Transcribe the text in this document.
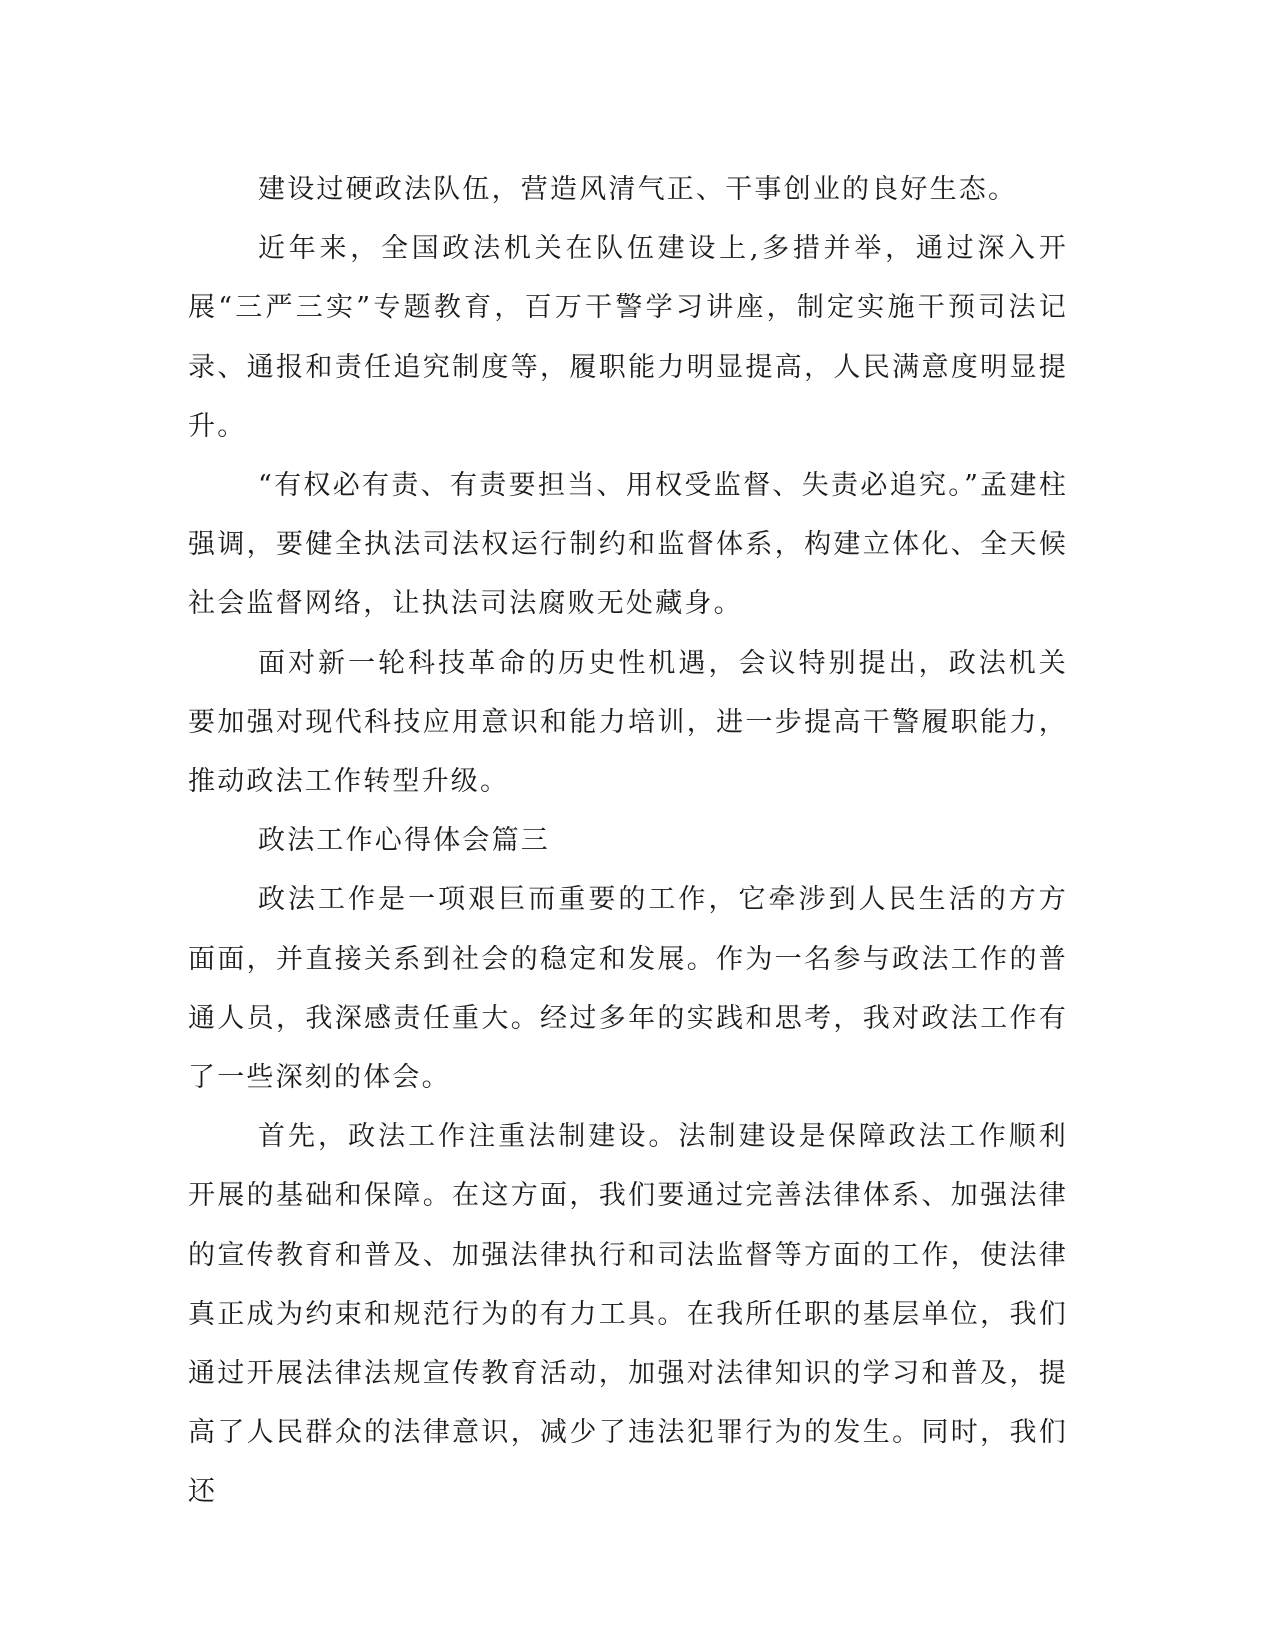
建设过硬政法队伍，营造风清气正、干事创业的良好生态。

近年来，全国政法机关在队伍建设上,多措并举，通过深入开展“三严三实”专题教育，百万干警学习讲座，制定实施干预司法记录、通报和责任追究制度等，履职能力明显提高，人民满意度明显提升。

“有权必有责、有责要担当、用权受监督、失责必追究。”孟建柱强调，要健全执法司法权运行制约和监督体系，构建立体化、全天候社会监督网络，让执法司法腐败无处藏身。

面对新一轮科技革命的历史性机遇，会议特别提出，政法机关要加强对现代科技应用意识和能力培训，进一步提高干警履职能力，推动政法工作转型升级。

政法工作心得体会篇三

政法工作是一项艰巨而重要的工作，它牵涉到人民生活的方方面面，并直接关系到社会的稳定和发展。作为一名参与政法工作的普通人员，我深感责任重大。经过多年的实践和思考，我对政法工作有了一些深刻的体会。

首先，政法工作注重法制建设。法制建设是保障政法工作顺利开展的基础和保障。在这方面，我们要通过完善法律体系、加强法律的宣传教育和普及、加强法律执行和司法监督等方面的工作，使法律真正成为约束和规范行为的有力工具。在我所任职的基层单位，我们通过开展法律法规宣传教育活动，加强对法律知识的学习和普及，提高了人民群众的法律意识，减少了违法犯罪行为的发生。同时，我们还
